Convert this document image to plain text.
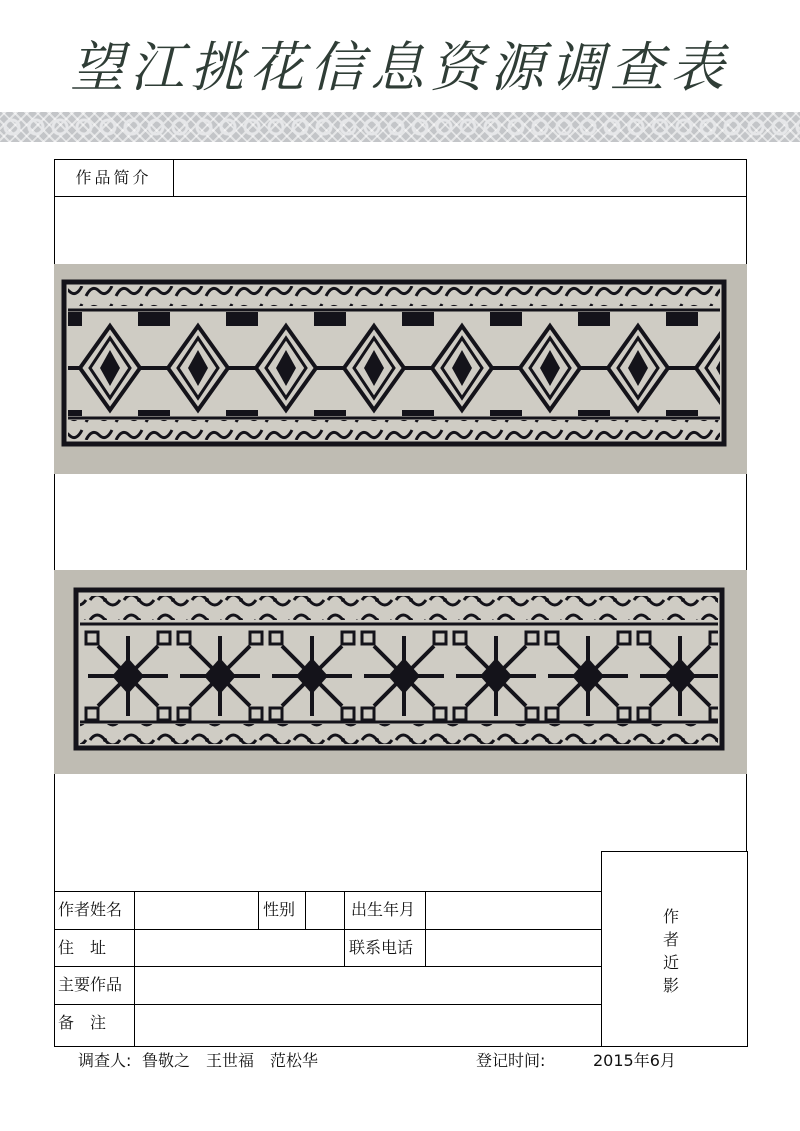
望江挑花信息资源调查表
作品简介
作
者
近
影
作者姓名	性别	出生年月
住　址	联系电话
主要作品
备　注
调查人: 鲁敬之　王世福　范松华	登记时间:	2015年6月
